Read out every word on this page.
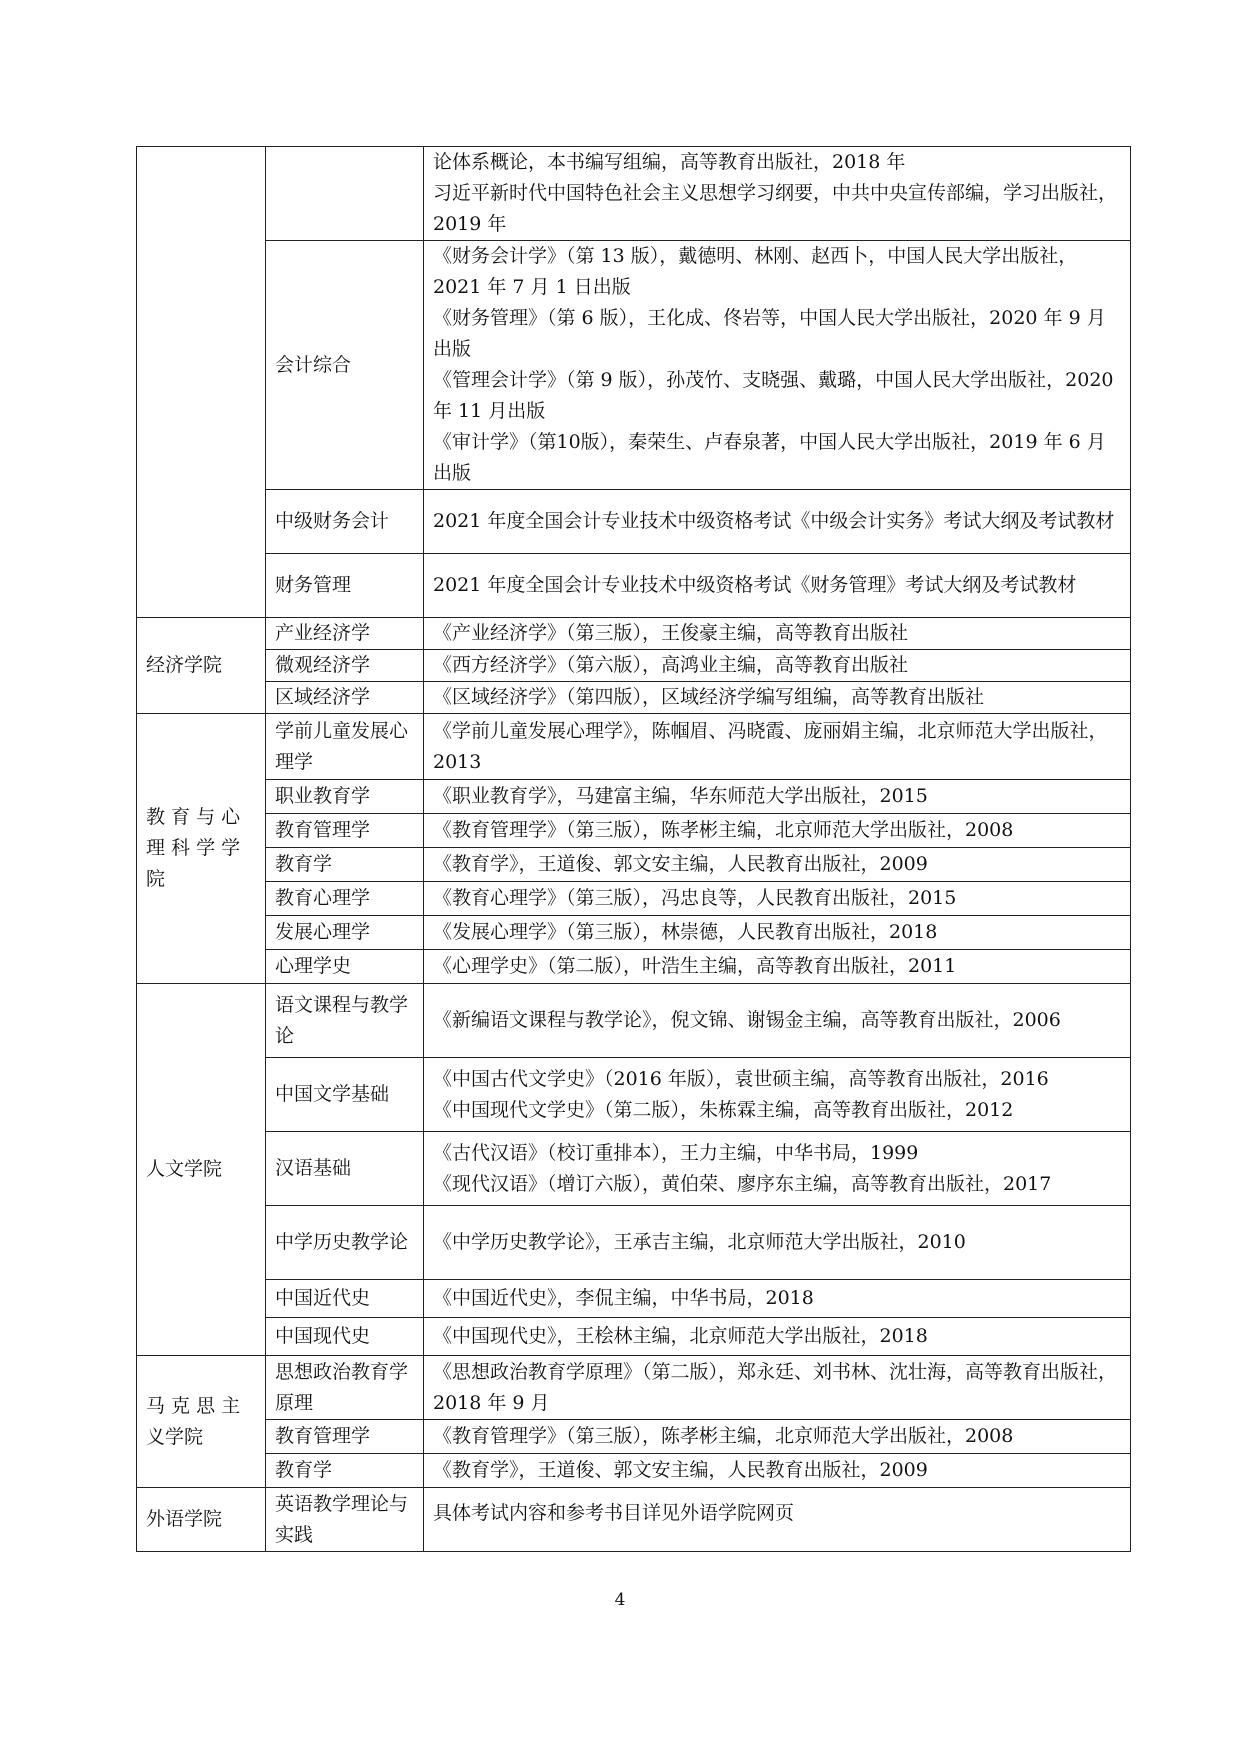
		论体系概论，本书编写组编，高等教育出版社，2018 年
习近平新时代中国特色社会主义思想学习纲要，中共中央宣传部编，学习出版社，2019 年

	会计综合	《财务会计学》（第 13 版），戴德明、林刚、赵西卜，中国人民大学出版社，2021 年 7 月 1 日出版
《财务管理》（第 6 版），王化成、佟岩等，中国人民大学出版社，2020 年 9 月出版
《管理会计学》（第 9 版），孙茂竹、支晓强、戴璐，中国人民大学出版社，2020 年 11 月出版
《审计学》（第10版），秦荣生、卢春泉著，中国人民大学出版社，2019 年 6 月出版

	中级财务会计	2021 年度全国会计专业技术中级资格考试《中级会计实务》考试大纲及考试教材

	财务管理	2021 年度全国会计专业技术中级资格考试《财务管理》考试大纲及考试教材

经济学院	产业经济学	《产业经济学》（第三版），王俊豪主编，高等教育出版社

	微观经济学	《西方经济学》（第六版），高鸿业主编，高等教育出版社

	区域经济学	《区域经济学》（第四版），区域经济学编写组编，高等教育出版社

教 育 与 心 理 科 学 学 院	学前儿童发展心理学	《学前儿童发展心理学》，陈帼眉、冯晓霞、庞丽娟主编，北京师范大学出版社，2013

	职业教育学	《职业教育学》，马建富主编，华东师范大学出版社，2015

	教育管理学	《教育管理学》（第三版），陈孝彬主编，北京师范大学出版社，2008

	教育学	《教育学》，王道俊、郭文安主编，人民教育出版社，2009

	教育心理学	《教育心理学》（第三版），冯忠良等，人民教育出版社，2015

	发展心理学	《发展心理学》（第三版），林崇德，人民教育出版社，2018

	心理学史	《心理学史》（第二版），叶浩生主编，高等教育出版社，2011

人文学院	语文课程与教学论	《新编语文课程与教学论》，倪文锦、谢锡金主编，高等教育出版社，2006

	中国文学基础	《中国古代文学史》（2016 年版），袁世硕主编，高等教育出版社，2016
《中国现代文学史》（第二版），朱栋霖主编，高等教育出版社，2012

	汉语基础	《古代汉语》（校订重排本），王力主编，中华书局，1999
《现代汉语》（增订六版），黄伯荣、廖序东主编，高等教育出版社，2017

	中学历史教学论	《中学历史教学论》，王承吉主编，北京师范大学出版社，2010

	中国近代史	《中国近代史》，李侃主编，中华书局，2018

	中国现代史	《中国现代史》，王桧林主编，北京师范大学出版社，2018

马 克 思 主 义学院	思想政治教育学原理	《思想政治教育学原理》（第二版），郑永廷、刘书林、沈壮海，高等教育出版社，2018 年 9 月

	教育管理学	《教育管理学》（第三版），陈孝彬主编，北京师范大学出版社，2008

	教育学	《教育学》，王道俊、郭文安主编，人民教育出版社，2009

外语学院	英语教学理论与实践	具体考试内容和参考书目详见外语学院网页
4
